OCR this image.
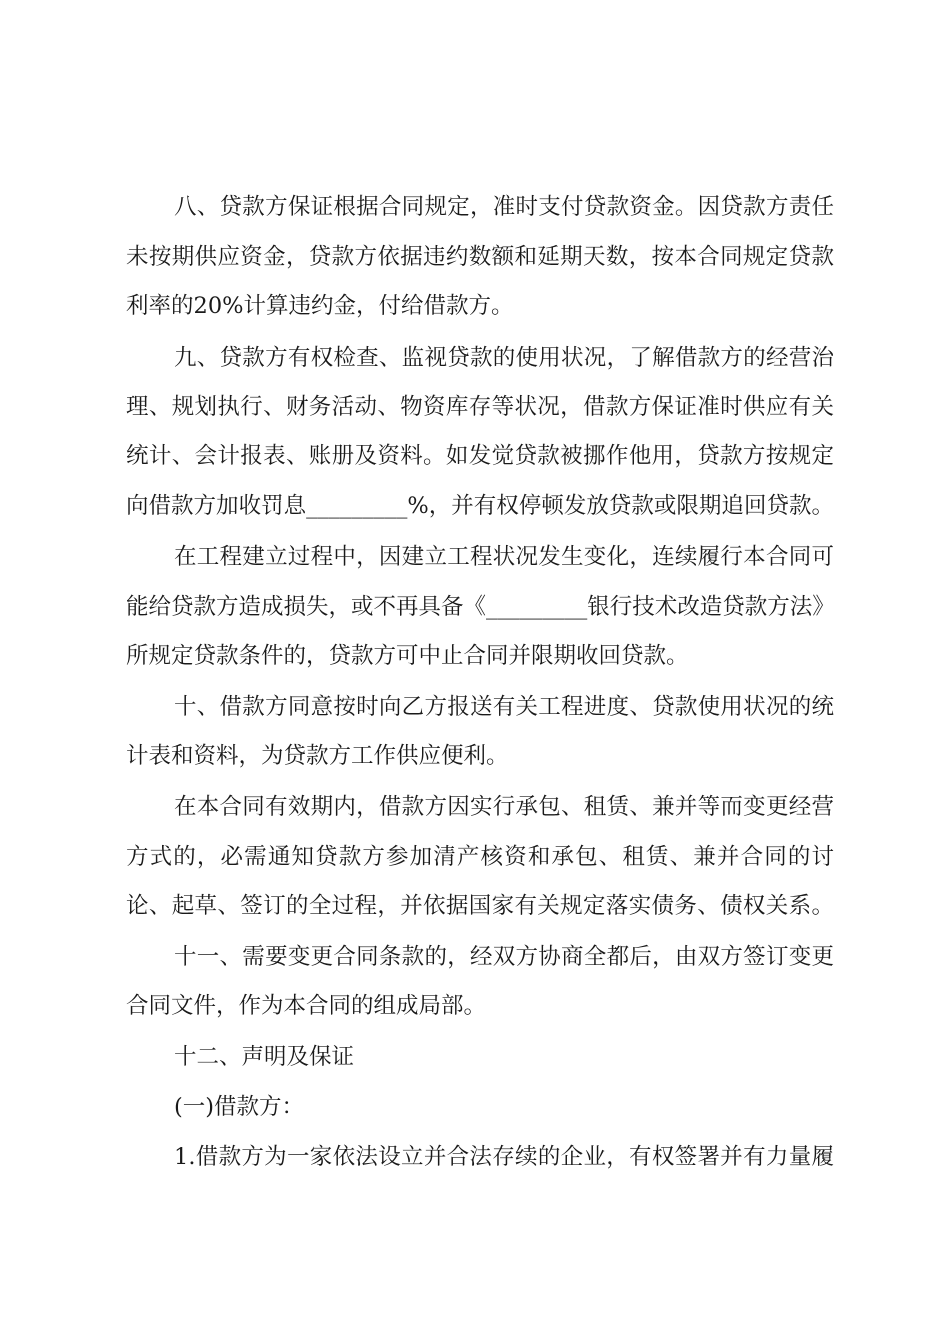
八、贷款方保证根据合同规定，准时支付贷款资金。因贷款方责任
未按期供应资金，贷款方依据违约数额和延期天数，按本合同规定贷款
利率的20%计算违约金，付给借款方。
九、贷款方有权检查、监视贷款的使用状况，了解借款方的经营治
理、规划执行、财务活动、物资库存等状况，借款方保证准时供应有关
统计、会计报表、账册及资料。如发觉贷款被挪作他用，贷款方按规定
向借款方加收罚息_________%，并有权停顿发放贷款或限期追回贷款。
在工程建立过程中，因建立工程状况发生变化，连续履行本合同可
能给贷款方造成损失，或不再具备《_________银行技术改造贷款方法》
所规定贷款条件的，贷款方可中止合同并限期收回贷款。
十、借款方同意按时向乙方报送有关工程进度、贷款使用状况的统
计表和资料，为贷款方工作供应便利。
在本合同有效期内，借款方因实行承包、租赁、兼并等而变更经营
方式的，必需通知贷款方参加清产核资和承包、租赁、兼并合同的讨
论、起草、签订的全过程，并依据国家有关规定落实债务、债权关系。
十一、需要变更合同条款的，经双方协商全都后，由双方签订变更
合同文件，作为本合同的组成局部。
十二、声明及保证
(一)借款方：
1.借款方为一家依法设立并合法存续的企业，有权签署并有力量履
